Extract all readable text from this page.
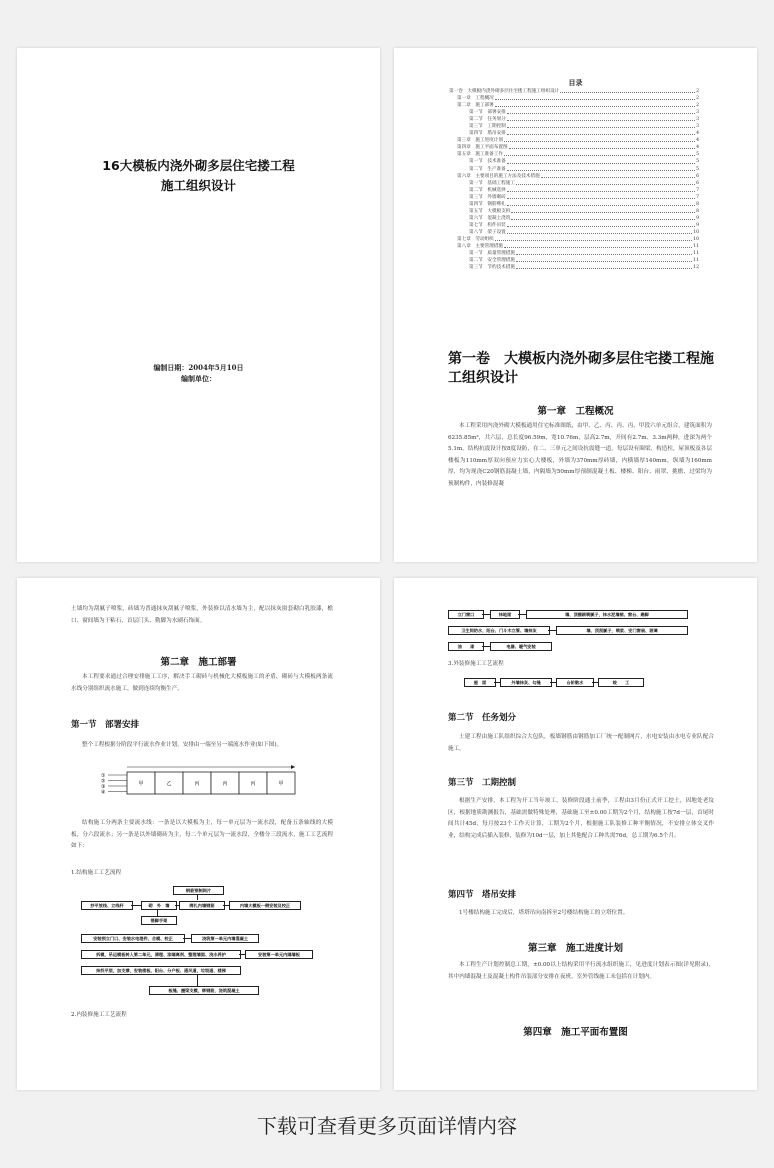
16大模板内浇外砌多层住宅搂工程
施工组织设计
编制日期：2004年5月10日
编制单位：
目录
第一卷　大模板内浇外砌多层住宅搂工程施工组织设计	2
第一章　工程概况	2
第二章　施工部署	2
第一节　部署安排	3
第二节　任务划分	3
第三节　工期控制	3
第四节　塔吊安排	4
第三章　施工进度计划	4
第四章　施工平面布置图	4
第五章　施工准备工作	5
第一节　技术准备	5
第二节　生产准备	5
第六章　主要项目的施工方法及技术措施	6
第一节　基础工程施工	6
第二节　机械选择	7
第三节　外墙砌砖	7
第四节　钢筋绑扎	8
第五节　大模板支拆	8
第六节　混凝土浇筑	9
第七节　构件吊装	9
第八节　架子设置	10
第七章　劳动组织	10
第八章　主要管理措施	11
第一节　质量管理措施	11
第二节　安全管理措施	11
第三节　节约技术措施	12
第一卷　大模板内浇外砌多层住宅搂工程施工组织设计
第一章　工程概况
本工程采用内浇外砌大模板通用住宅标准图纸，由甲、乙、丙、丙、丙、甲段六单元组合，建筑面积为6235.85m²，共六层，总长度96.59m，宽10.76m，层高2.7m，开间有2.7m、3.3m两种，进深为两个5.1m。结构抗震设计按8度设防，在二、三单元之间设抗震缝一道，每层设有圈梁、构造柱，屋顶板及各层楼板为110mm厚双向预应力实心大楼板，外墙为370mm厚砖墙，内横墙厚140mm，纵墙为160mm厚，均为现浇C20钢筋混凝土墙，内隔墙为50mm厚预制混凝土板、楼梯、阳台、雨罩、挑檐、过梁均为预制构件，内装修混凝
土墙均为刮腻子喷浆，砖墙为普通抹灰刮腻子喷浆，外装修以清水墙为主，配以抹灰窗套砌白乳胶漆，檐口、窗间墙为干粘石，首层门头、勒脚为水刷石饰面。
第二章　施工部署
本工程要求通过合理安排施工工序，解决手工砌砖与机械化大模板施工的矛盾，砌砖与大模板两条流水线分别组织流水施工，做到连续均衡生产。
第一节　部署安排
整个工程根据分阶段平行流水作业计划，安排由一端至另一端流水作业(如下图)。
甲	乙	丙	丙	丙	甲
①
②
③
④
结构施工分两条主要流水线：一条是以大模板为主，每一单元层为一流水段，配备五条轴线的大模板，分六段流水；另一条是以外墙砌砖为主，每二个单元层为一流水段，全楼分三段流水，施工工艺流程如下：
1.结构施工工艺流程
钢筋预制网片
抄平放线、立线杆	砌　外　墙	绑扎内墙钢筋	内墙大模板一侧安装及校正
搭脚手架
安装预立门口、安装水电埋件、合模、校正	浇筑第一单元内墙混凝土
拆模，吊运模板转入第二单元，清理、涂隔离剂、整理墙面、浇水养护	安装第一单元内隔墙板
抹找平层，加支撑，安装楼板、阳台、分户板、通风道，垃圾道、楼梯
板缝、圈梁支模，绑钢筋，浇筑混凝土
2.内装修施工工艺流程
立门窗口	抹地面	墙、顶棚刷喷腻子，抹水泥墙裙、窗台、踢脚
卫生间防水，阳台、门斗木立管、墙抹灰	墙、顶刮腻子，喷浆、安门窗扇、玻璃
油　　漆	电器、暖气安装
3.外装修施工工艺流程
屋　面	外墙抹灰、勾缝	台阶散水	竣　　工
第二节　任务划分
土建工程由施工队组织综合大包队，板墙钢筋由钢筋加工厂统一配制网片，水电安装由水电专业队配合施工。
第三节　工期控制
根据生产安排，本工程为开工当年竣工，装修阶段通土前季，工程由3月份正式开工挖土，因地处老坟区，根据地质勘测报告，基础需做特殊处理，基础施工至±0.00工期为2个月，结构施工按7d一层，首尾时间共计45d，每月按23个工作天计算，工期为2个月，根据施工队装修工种平衡情况，不安排立体交叉作业，结构完成后插入装修，装修为10d一层，加上其他配合工种共需76d，总工期为6.5个月。
第四节　塔吊安排
1号楼结构施工完成后，塔塔吊向南拆至2号楼结构施工的立塔位置。
第三章　施工进度计划
本工程生产计划控制总工期，±0.00以上结构采用平行流水组织施工，见进度计划表示图(详见附录)，其中内墙混凝土及混凝土构件吊装部分安排在夜班，室外管线施工未包括在计划内。
第四章　施工平面布置图
下载可查看更多页面详情内容
